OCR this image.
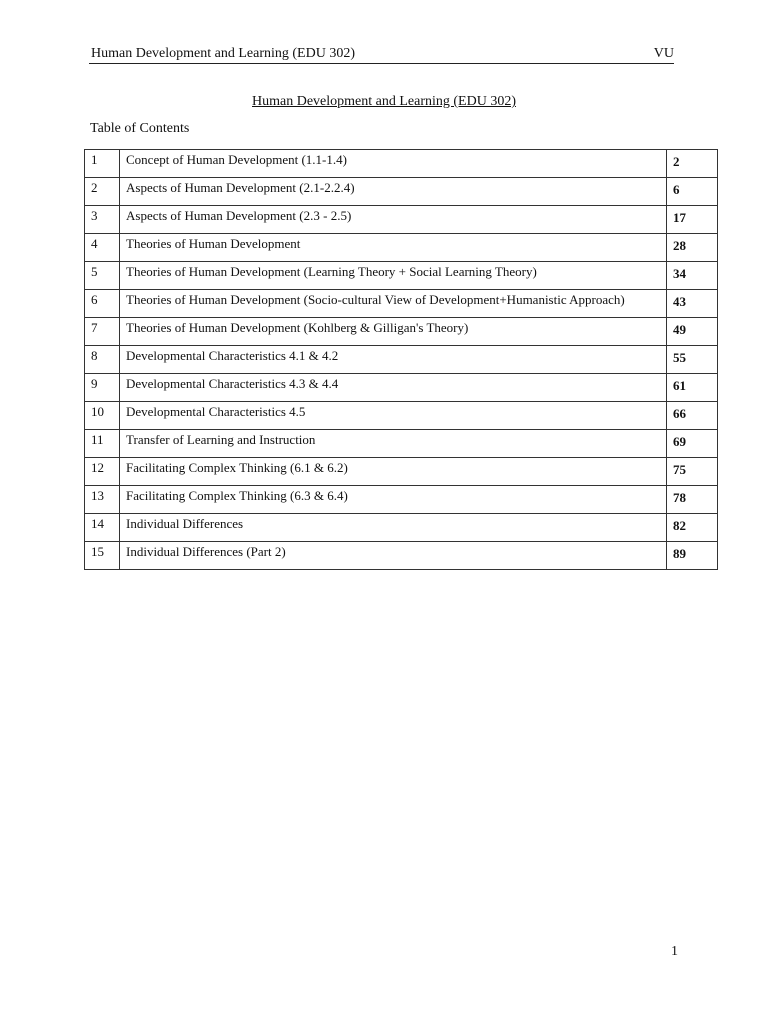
Human Development and Learning (EDU 302)	VU
Human Development and Learning (EDU 302)
Table of Contents
1	Concept of Human Development (1.1-1.4)	2
2	Aspects of Human Development (2.1-2.2.4)	6
3	Aspects of Human Development (2.3 - 2.5)	17
4	Theories of Human Development	28
5	Theories of Human Development (Learning Theory + Social Learning Theory)	34
6	Theories of Human Development (Socio-cultural View of Development+Humanistic Approach)	43
7	Theories of Human Development (Kohlberg & Gilligan's Theory)	49
8	Developmental Characteristics 4.1 & 4.2	55
9	Developmental Characteristics 4.3 & 4.4	61
10	Developmental Characteristics 4.5	66
11	Transfer of Learning and Instruction	69
12	Facilitating Complex Thinking (6.1 & 6.2)	75
13	Facilitating Complex Thinking (6.3 & 6.4)	78
14	Individual Differences	82
15	Individual Differences (Part 2)	89
1
